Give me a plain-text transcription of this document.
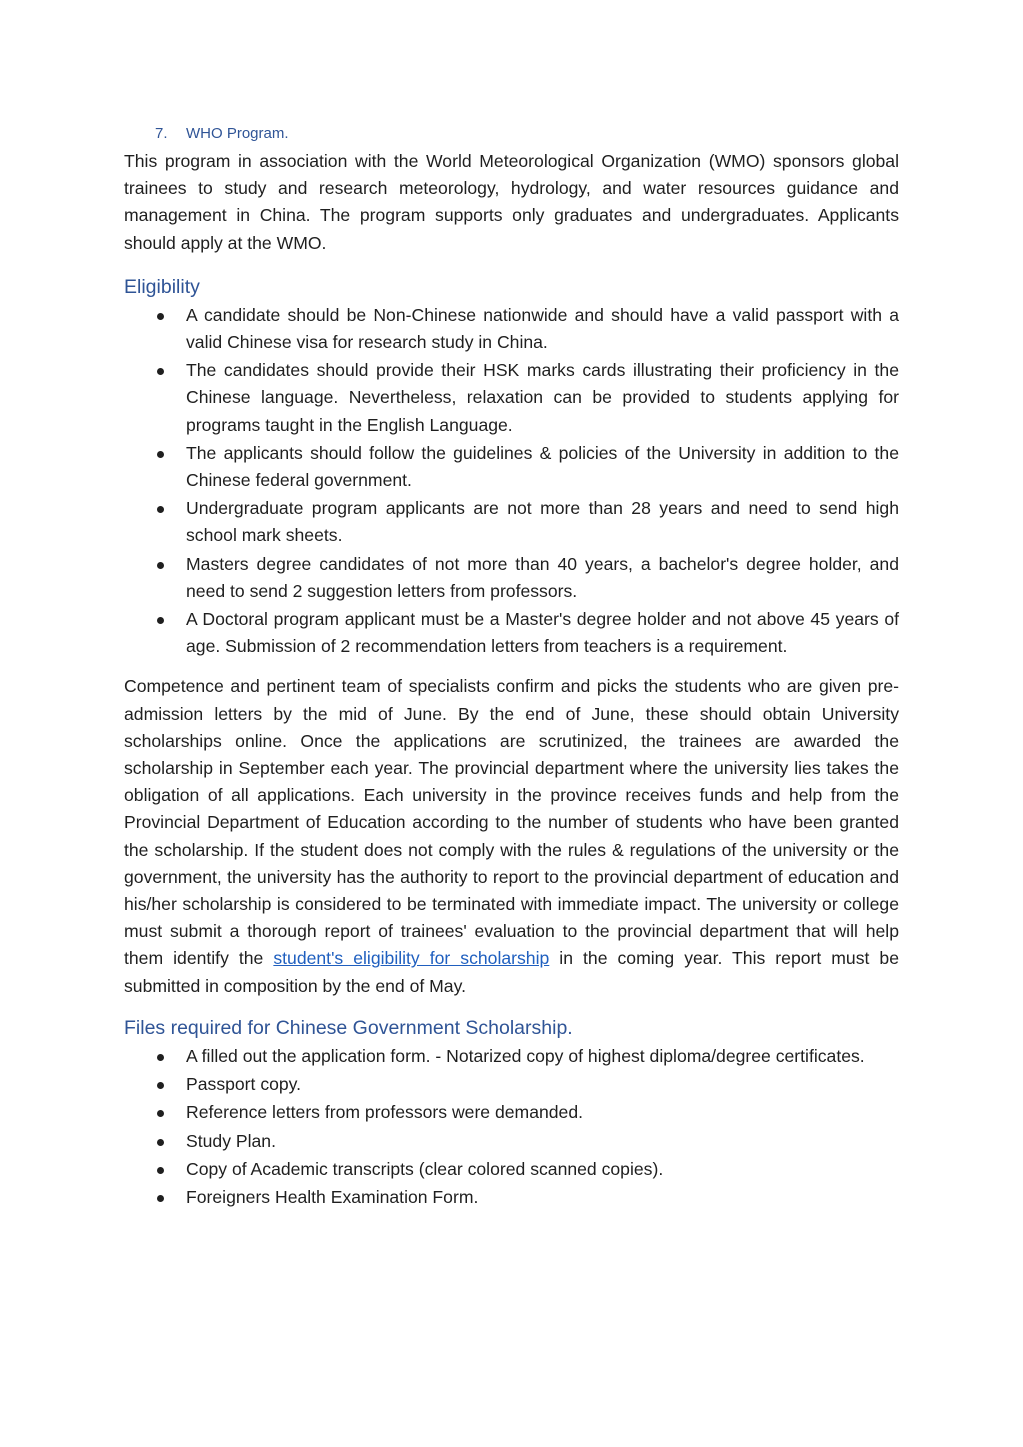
7. WHO Program.

This program in association with the World Meteorological Organization (WMO) sponsors global trainees to study and research meteorology, hydrology, and water resources guidance and management in China. The program supports only graduates and undergraduates. Applicants should apply at the WMO.

Eligibility
A candidate should be Non-Chinese nationwide and should have a valid passport with a valid Chinese visa for research study in China.
The candidates should provide their HSK marks cards illustrating their proficiency in the Chinese language. Nevertheless, relaxation can be provided to students applying for programs taught in the English Language.
The applicants should follow the guidelines & policies of the University in addition to the Chinese federal government.
Undergraduate program applicants are not more than 28 years and need to send high school mark sheets.
Masters degree candidates of not more than 40 years, a bachelor's degree holder, and need to send 2 suggestion letters from professors.
A Doctoral program applicant must be a Master's degree holder and not above 45 years of age. Submission of 2 recommendation letters from teachers is a requirement.

Competence and pertinent team of specialists confirm and picks the students who are given pre-admission letters by the mid of June. By the end of June, these should obtain University scholarships online. Once the applications are scrutinized, the trainees are awarded the scholarship in September each year. The provincial department where the university lies takes the obligation of all applications. Each university in the province receives funds and help from the Provincial Department of Education according to the number of students who have been granted the scholarship. If the student does not comply with the rules & regulations of the university or the government, the university has the authority to report to the provincial department of education and his/her scholarship is considered to be terminated with immediate impact. The university or college must submit a thorough report of trainees' evaluation to the provincial department that will help them identify the student's eligibility for scholarship in the coming year. This report must be submitted in composition by the end of May.

Files required for Chinese Government Scholarship.
A filled out the application form. - Notarized copy of highest diploma/degree certificates.
Passport copy.
Reference letters from professors were demanded.
Study Plan.
Copy of Academic transcripts (clear colored scanned copies).
Foreigners Health Examination Form.
